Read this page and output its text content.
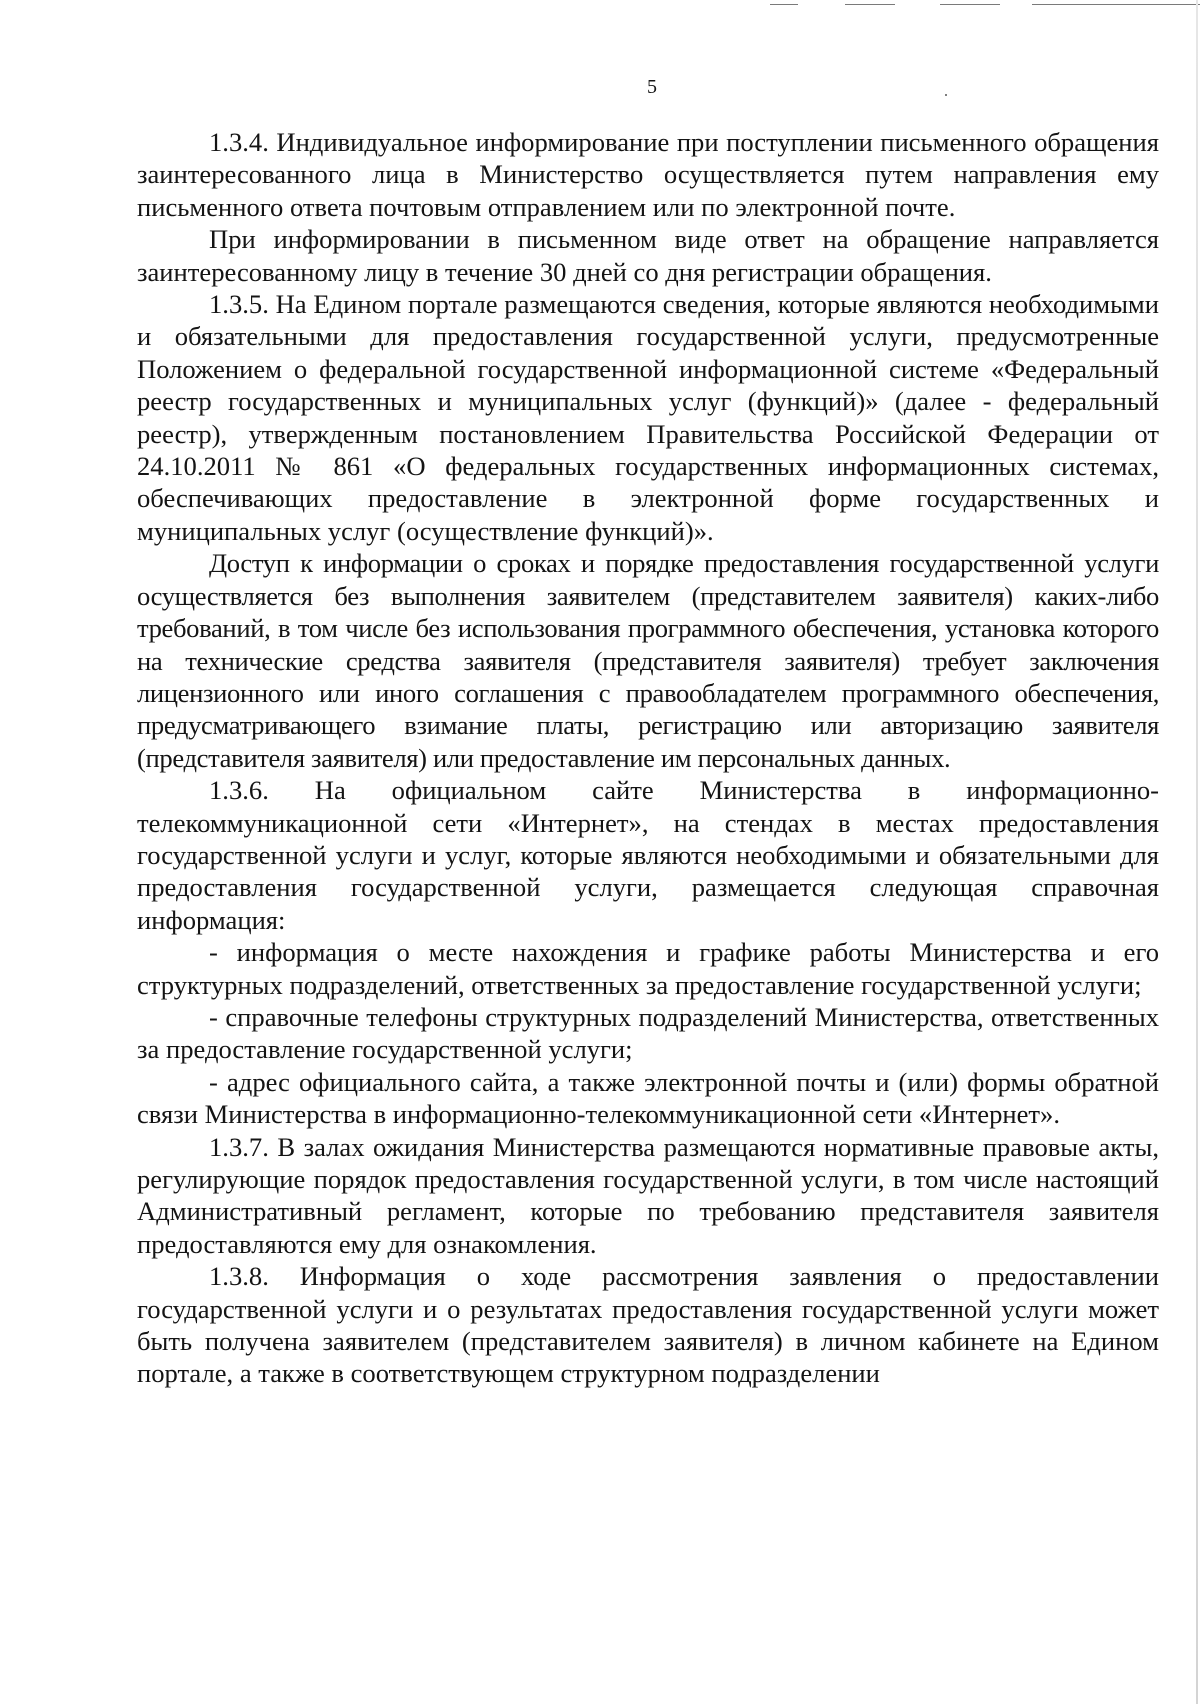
5

1.3.4. Индивидуальное информирование при поступлении письменного обращения заинтересованного лица в Министерство осуществляется путем направления ему письменного ответа почтовым отправлением или по электронной почте.

При информировании в письменном виде ответ на обращение направляется заинтересованному лицу в течение 30 дней со дня регистрации обращения.

1.3.5. На Едином портале размещаются сведения, которые являются необходимыми и обязательными для предоставления государственной услуги, предусмотренные Положением о федеральной государственной информационной системе «Федеральный реестр государственных и муниципальных услуг (функций)» (далее - федеральный реестр), утвержденным постановлением Правительства Российской Федерации от 24.10.2011 № 861 «О федеральных государственных информационных системах, обеспечивающих предоставление в электронной форме государственных и муниципальных услуг (осуществление функций)».

Доступ к информации о сроках и порядке предоставления государственной услуги осуществляется без выполнения заявителем (представителем заявителя) каких-либо требований, в том числе без использования программного обеспечения, установка которого на технические средства заявителя (представителя заявителя) требует заключения лицензионного или иного соглашения с правообладателем программного обеспечения, предусматривающего взимание платы, регистрацию или авторизацию заявителя (представителя заявителя) или предоставление им персональных данных.

1.3.6. На официальном сайте Министерства в информационно-телекоммуникационной сети «Интернет», на стендах в местах предоставления государственной услуги и услуг, которые являются необходимыми и обязательными для предоставления государственной услуги, размещается следующая справочная информация:

- информация о месте нахождения и графике работы Министерства и его структурных подразделений, ответственных за предоставление государственной услуги;

- справочные телефоны структурных подразделений Министерства, ответственных за предоставление государственной услуги;

- адрес официального сайта, а также электронной почты и (или) формы обратной связи Министерства в информационно-телекоммуникационной сети «Интернет».

1.3.7. В залах ожидания Министерства размещаются нормативные правовые акты, регулирующие порядок предоставления государственной услуги, в том числе настоящий Административный регламент, которые по требованию представителя заявителя предоставляются ему для ознакомления.

1.3.8. Информация о ходе рассмотрения заявления о предоставлении государственной услуги и о результатах предоставления государственной услуги может быть получена заявителем (представителем заявителя) в личном кабинете на Едином портале, а также в соответствующем структурном подразделении
